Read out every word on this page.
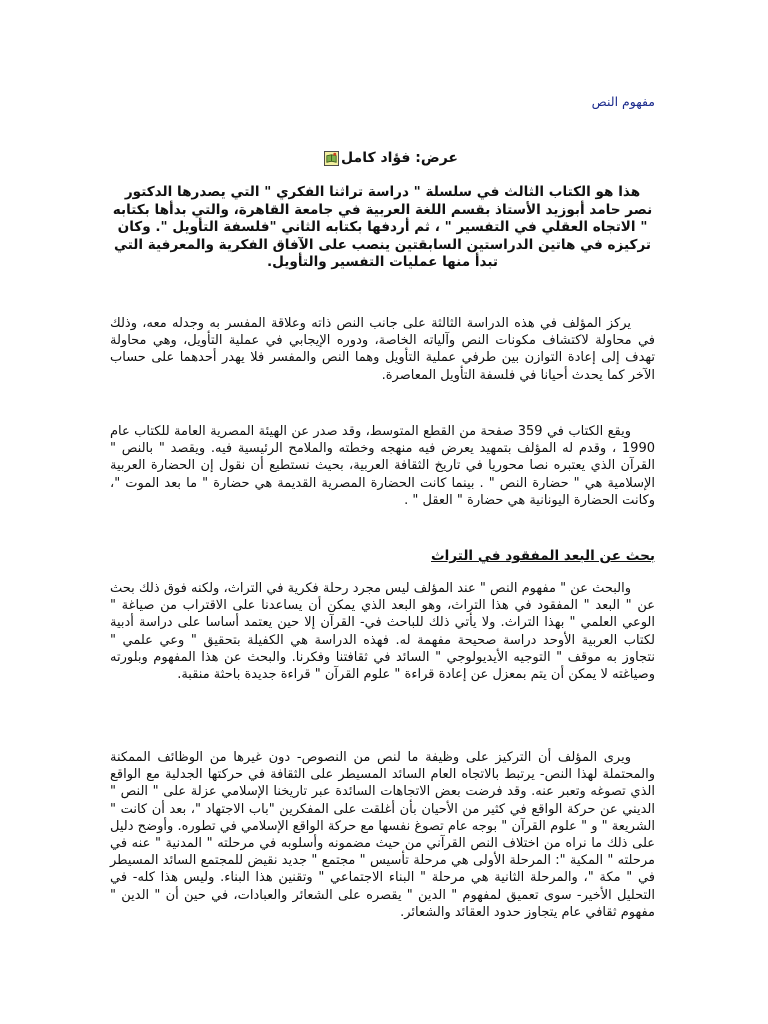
مفهوم النص
عرض: فؤاد كامل
هذا هو الكتاب الثالث في سلسلة " دراسة تراثنا الفكري " التي يصدرها الدكتور نصر حامد أبوزيد الأستاذ بقسم اللغة العربية في جامعة القاهرة، والتي بدأها بكتابه " الاتجاه العقلي في التفسير " ، ثم أردفها بكتابه الثاني "فلسفة التأويل ". وكان تركيزه في هاتين الدراستين السابقتين ينصب على الآفاق الفكرية والمعرفية التي تبدأ منها عمليات التفسير والتأويل.
يركز المؤلف في هذه الدراسة الثالثة على جانب النص ذاته وعلاقة المفسر به وجدله معه، وذلك في محاولة لاكتشاف مكونات النص وآلياته الخاصة، ودوره الإيجابي في عملية التأويل، وهي محاولة تهدف إلى إعادة التوازن بين طرفي عملية التأويل وهما النص والمفسر فلا يهدر أحدهما على حساب الآخر كما يحدث أحيانا في فلسفة التأويل المعاصرة.
ويقع الكتاب في 359 صفحة من القطع المتوسط، وقد صدر عن الهيئة المصرية العامة للكتاب عام 1990 ، وقدم له المؤلف بتمهيد يعرض فيه منهجه وخطته والملامح الرئيسية فيه. ويقصد " بالنص " القرآن الذي يعتبره نصا محوريا في تاريخ الثقافة العربية، بحيث نستطيع أن نقول إن الحضارة العربية الإسلامية هي " حضارة النص " . بينما كانت الحضارة المصرية القديمة هي حضارة " ما بعد الموت "، وكانت الحضارة اليونانية هي حضارة " العقل " .
بحث عن البعد المفقود في التراث
والبحث عن " مفهوم النص " عند المؤلف ليس مجرد رحلة فكرية في التراث، ولكنه فوق ذلك بحث عن " البعد " المفقود في هذا التراث، وهو البعد الذي يمكن أن يساعدنا على الاقتراب من صياغة " الوعي العلمي " بهذا التراث. ولا يأتي ذلك للباحث في- القرآن إلا حين يعتمد أساسا على دراسة أدبية لكتاب العربية الأوحد دراسة صحيحة مفهمة له. فهذه الدراسة هي الكفيلة بتحقيق " وعي علمي " نتجاوز به موقف " التوجيه الأيديولوجي " السائد في ثقافتنا وفكرنا. والبحث عن هذا المفهوم وبلورته وصياغته لا يمكن أن يتم بمعزل عن إعادة قراءة " علوم القرآن " قراءة جديدة باحثة منقبة.
ويرى المؤلف أن التركيز على وظيفة ما لنص من النصوص- دون غيرها من الوظائف الممكنة والمحتملة لهذا النص- يرتبط بالاتجاه العام السائد المسيطر على الثقافة في حركتها الجدلية مع الواقع الذي تصوغه وتعبر عنه. وقد فرضت بعض الاتجاهات السائدة عبر تاريخنا الإسلامي عزلة على " النص " الديني عن حركة الواقع في كثير من الأحيان بأن أغلقت على المفكرين "باب الاجتهاد "، بعد أن كانت " الشريعة " و " علوم القرآن " بوجه عام تصوغ نفسها مع حركة الواقع الإسلامي في تطوره. وأوضح دليل على ذلك ما نراه من اختلاف النص القرآني من حيث مضمونه وأسلوبه في مرحلته " المدنية " عنه في مرحلته " المكية ": المرحلة الأولى هي مرحلة تأسيس " مجتمع " جديد نقيض للمجتمع السائد المسيطر في " مكة "، والمرحلة الثانية هي مرحلة " البناء الاجتماعي " وتقنين هذا البناء. وليس هذا كله- في التحليل الأخير- سوى تعميق لمفهوم " الدين " يقصره على الشعائر والعبادات، في حين أن " الدين " مفهوم ثقافي عام يتجاوز حدود العقائد والشعائر.
